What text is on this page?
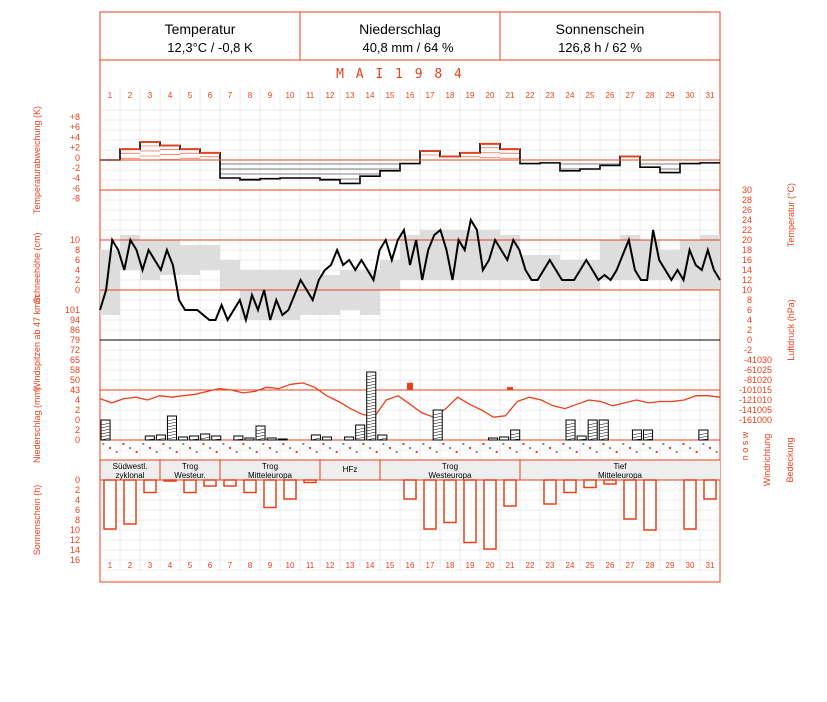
Temperatur
12,3°C / -0,8 K
Niederschlag
40,8 mm / 64 %
Sonnenschein
126,8 h / 62 %
M A I 1 9 8 4
1 2 3 4 5 6 7 8 9 10 11 12 13 14 15 16 17 18 19 20 21 22 23 24 25 26 27 28 29 30 31
1 2 3 4 5 6 7 8 9 10 11 12 13 14 15 16 17 18 19 20 21 22 23 24 25 26 27 28 29 30 31
Südwestl.
zyklonal
Trog
Westeur.
Trog
Mitteleuropa
HFz	Trog
Westeuropa
Tief
Mitteleuropa
+8
+6
+4
+2
0
-2
-4
-6
-8
10
8
6
4
2
0
101
94
86
79
72
65
58
50
43
4
2
0
2
0
0
2
4
6
8
10
12
14
16
30
28
26
24
22
20
18
16
14
12
10
8
6
4
2
0
-2
-4
-6
-8
-10
-12
-14
-16
1030
1025
1020
1015
1010
1005
1000
Temperaturabweichung (K)
Schneehöhe (cm)
Windspitzen ab 47 km/h
Niederschlag (mm)
Sonnenschein (h)
Temperatur (°C)
Luftdruck (hPa)
Windrichtung Bedeckung
n o s w
